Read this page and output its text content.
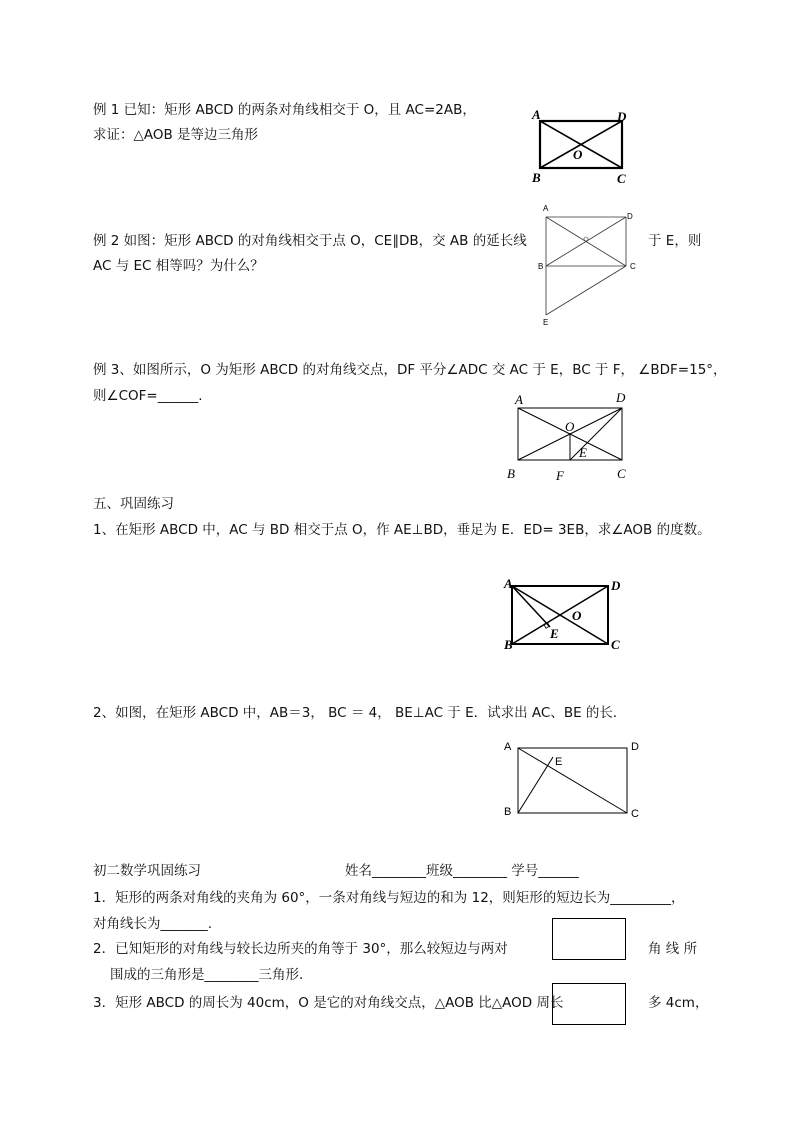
例 1 已知：矩形 ABCD 的两条对角线相交于 O，且 AC=2AB，
求证：△AOB 是等边三角形
A	D
B	C
O
例 2 如图：矩形 ABCD 的对角线相交于点 O，CE∥DB，交 AB 的延长线	于 E，则
AC 与 EC 相等吗？为什么？
A
D
B	C
E
例 3、如图所示，O 为矩形 ABCD 的对角线交点，DF 平分∠ADC 交 AC 于 E，BC 于 F， ∠BDF=15°，
则∠COF=______.	A	D
B	C
O
E
F
五、巩固练习
1、在矩形 ABCD 中，AC 与 BD 相交于点 O，作 AE⊥BD，垂足为 E．ED= 3EB，求∠AOB 的度数。
A	D
B	C
O
E
2、如图，在矩形 ABCD 中，AB＝3， BC ＝ 4， BE⊥AC 于 E．试求出 AC、BE 的长．
A	D
B	C
E
初二数学巩固练习	姓名________班级________ 学号______
1．矩形的两条对角线的夹角为 60°，一条对角线与短边的和为 12，则矩形的短边长为_________，
对角线长为_______.
2．已知矩形的对角线与较长边所夹的角等于 30°，那么较短边与两对	角 线 所
围成的三角形是________三角形.
3．矩形 ABCD 的周长为 40cm，O 是它的对角线交点，△AOB 比△AOD 周长	多 4cm，
